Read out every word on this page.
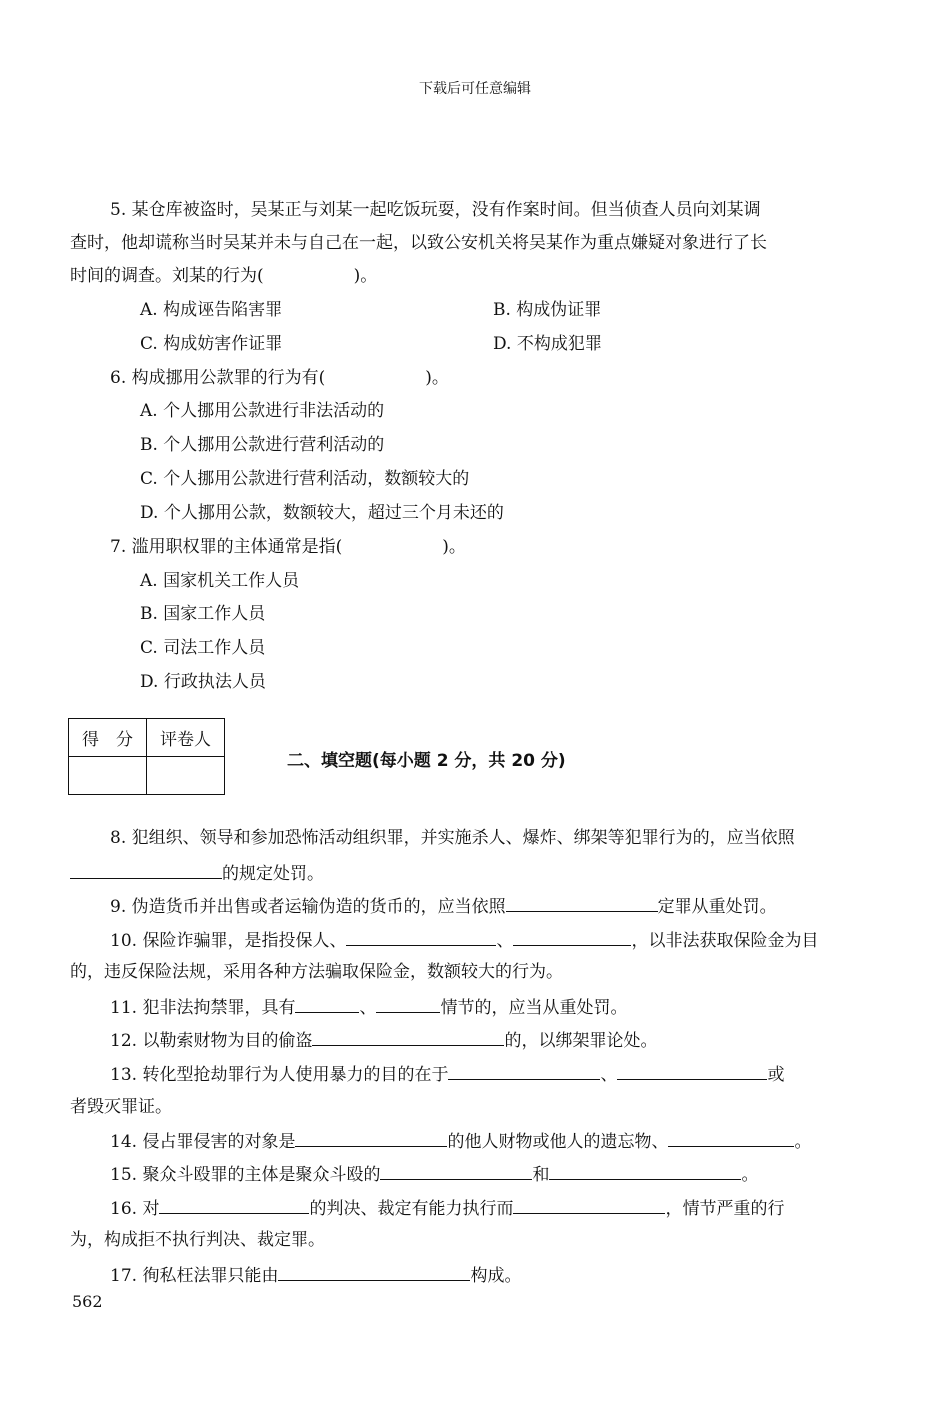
下载后可任意编辑
5. 某仓库被盗时，吴某正与刘某一起吃饭玩耍，没有作案时间。但当侦查人员向刘某调
查时，他却谎称当时吴某并未与自己在一起，以致公安机关将吴某作为重点嫌疑对象进行了长
时间的调查。刘某的行为(	)。
A. 构成诬告陷害罪	B. 构成伪证罪
C. 构成妨害作证罪	D. 不构成犯罪
6. 构成挪用公款罪的行为有(	)。
A. 个人挪用公款进行非法活动的
B. 个人挪用公款进行营利活动的
C. 个人挪用公款进行营利活动，数额较大的
D. 个人挪用公款，数额较大，超过三个月未还的
7. 滥用职权罪的主体通常是指(	)。
A. 国家机关工作人员
B. 国家工作人员
C. 司法工作人员
D. 行政执法人员
得　分	评卷人

二、填空题(每小题 2 分，共 20 分)
8. 犯组织、领导和参加恐怖活动组织罪，并实施杀人、爆炸、绑架等犯罪行为的，应当依照
的规定处罚。
9. 伪造货币并出售或者运输伪造的货币的，应当依照	定罪从重处罚。
10. 保险诈骗罪，是指投保人、	、	，以非法获取保险金为目
的，违反保险法规，采用各种方法骗取保险金，数额较大的行为。
11. 犯非法拘禁罪，具有	、	情节的，应当从重处罚。
12. 以勒索财物为目的偷盗	的，以绑架罪论处。
13. 转化型抢劫罪行为人使用暴力的目的在于	、	或
者毁灭罪证。
14. 侵占罪侵害的对象是	的他人财物或他人的遗忘物、	。
15. 聚众斗殴罪的主体是聚众斗殴的	和	。
16. 对	的判决、裁定有能力执行而	，情节严重的行
为，构成拒不执行判决、裁定罪。
17. 徇私枉法罪只能由	构成。
562
